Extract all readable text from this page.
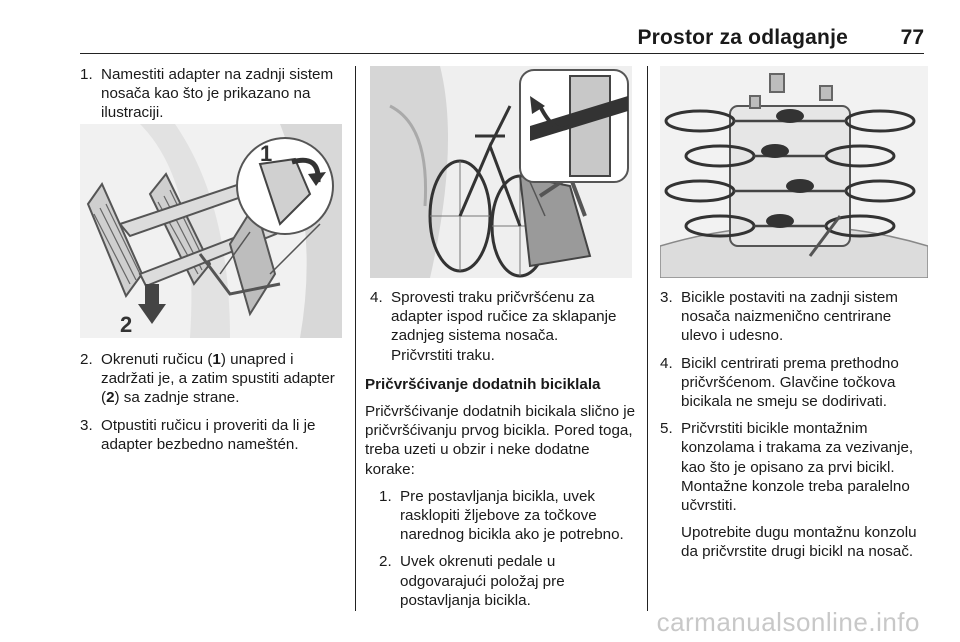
Prostor za odlaganje	77
1. Namestiti adapter na zadnji sistem nosača kao što je prikazano na ilustraciji.
1
2
2. Okrenuti ručicu (1) unapred i zadržati je, a zatim spustiti adapter (2) sa zadnje strane.
3. Otpustiti ručicu i proveriti da li je adapter bezbedno nameštén.
4. Sprovesti traku pričvršćenu za adapter ispod ručice za sklapanje zadnjeg sistema nosača.
Pričvrstiti traku.
Pričvršćivanje dodatnih biciklala
Pričvršćivanje dodatnih bicikala slično je pričvršćivanju prvog bicikla. Pored toga, treba uzeti u obzir i neke dodatne korake:
1. Pre postavljanja bicikla, uvek rasklopiti žljebove za točkove narednog bicikla ako je potrebno.
2. Uvek okrenuti pedale u odgovarajući položaj pre postavljanja bicikla.
3. Bicikle postaviti na zadnji sistem nosača naizmenično centrirane ulevo i udesno.
4. Bicikl centrirati prema prethodno pričvršćenom. Glavčine točkova bicikala ne smeju se dodirivati.
5. Pričvrstiti bicikle montažnim konzolama i trakama za vezivanje, kao što je opisano za prvi bicikl. Montažne konzole treba paralelno učvrstiti.
Upotrebite dugu montažnu konzolu da pričvrstite drugi bicikl na nosač.
carmanualsonline.info
